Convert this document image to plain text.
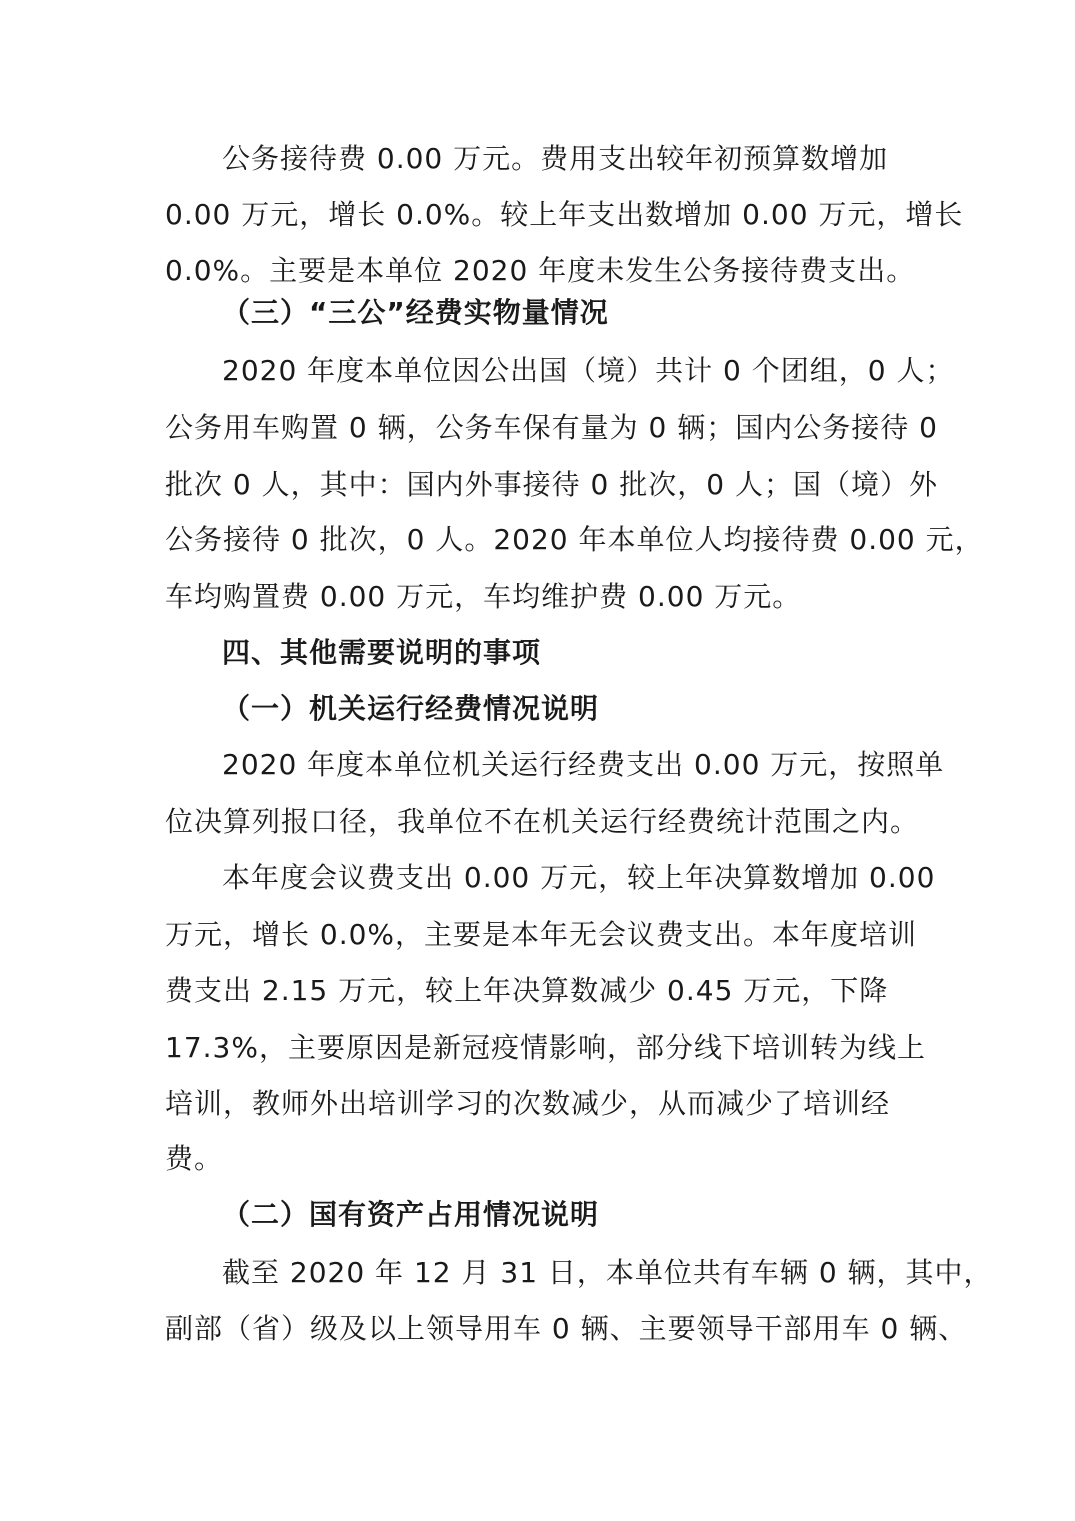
公务接待费 0.00 万元。费用支出较年初预算数增加

0.00 万元，增长 0.0%。较上年支出数增加 0.00 万元，增长

0.0%。主要是本单位 2020 年度未发生公务接待费支出。

（三）“三公”经费实物量情况

2020 年度本单位因公出国（境）共计 0 个团组，0 人；

公务用车购置 0 辆，公务车保有量为 0 辆；国内公务接待 0

批次 0 人，其中：国内外事接待 0 批次，0 人；国（境）外

公务接待 0 批次，0 人。2020 年本单位人均接待费 0.00 元，

车均购置费 0.00 万元，车均维护费 0.00 万元。

四、其他需要说明的事项

（一）机关运行经费情况说明

2020 年度本单位机关运行经费支出 0.00 万元，按照单

位决算列报口径，我单位不在机关运行经费统计范围之内。

本年度会议费支出 0.00 万元，较上年决算数增加 0.00

万元，增长 0.0%，主要是本年无会议费支出。本年度培训

费支出 2.15 万元，较上年决算数减少 0.45 万元，下降

17.3%，主要原因是新冠疫情影响，部分线下培训转为线上

培训，教师外出培训学习的次数减少，从而减少了培训经

费。

（二）国有资产占用情况说明

截至 2020 年 12 月 31 日，本单位共有车辆 0 辆，其中，

副部（省）级及以上领导用车 0 辆、主要领导干部用车 0 辆、
